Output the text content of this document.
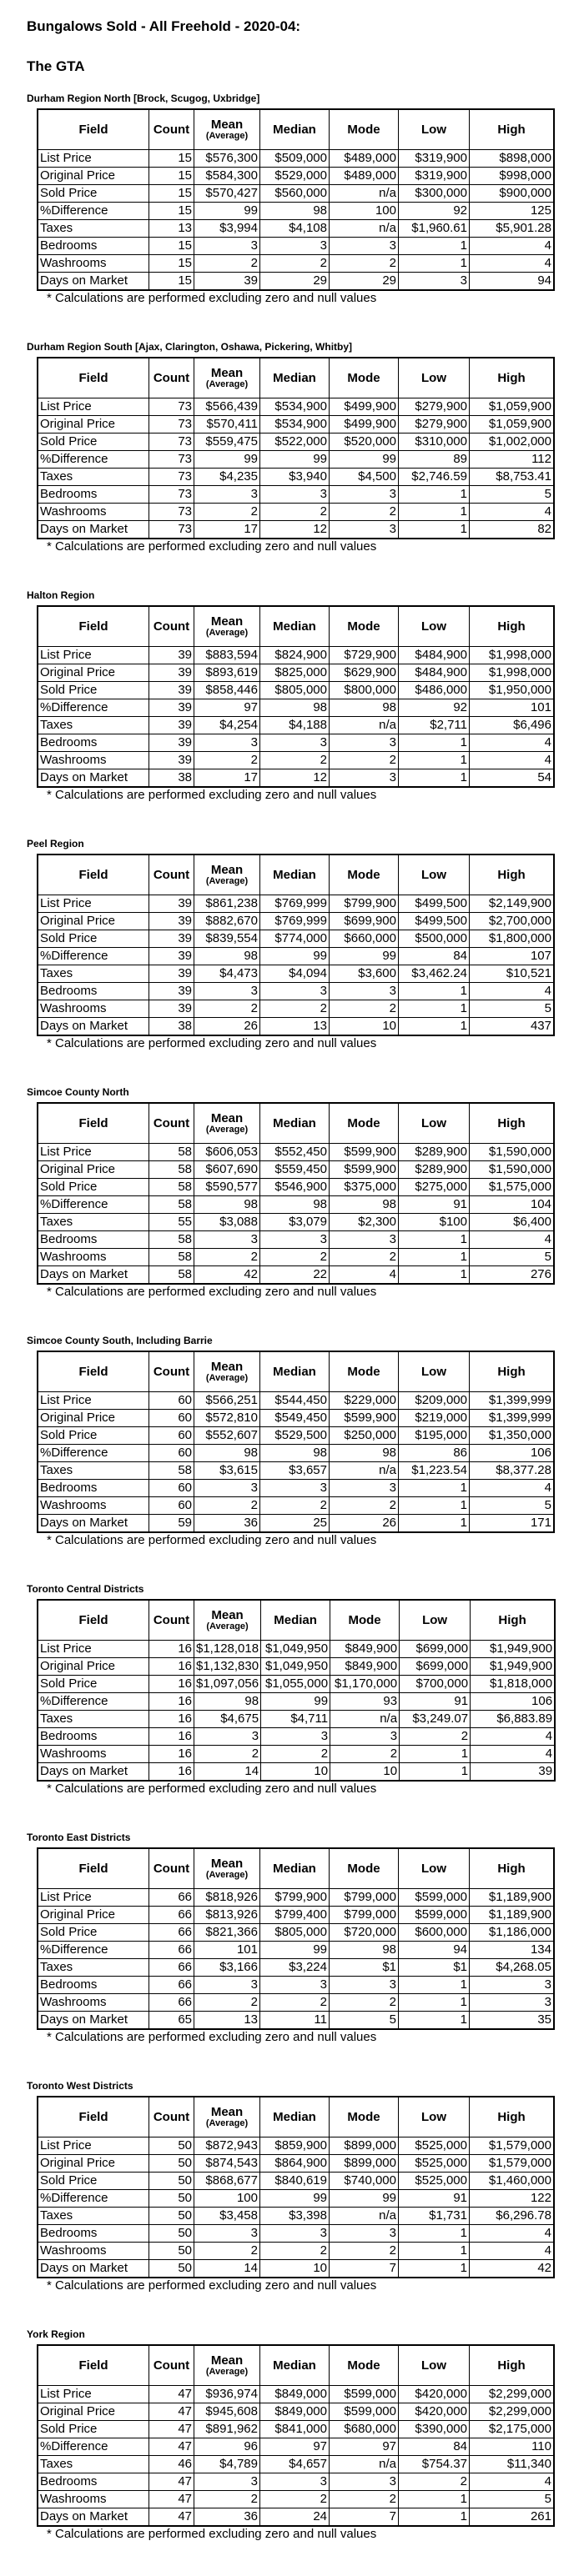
Bungalows Sold - All Freehold - 2020-04:
The GTA
Durham Region North [Brock, Scugog, Uxbridge]
Field	Count	Mean
(Average)	Median	Mode	Low	High
List Price	15	$576,300	$509,000	$489,000	$319,900	$898,000
Original Price	15	$584,300	$529,000	$489,000	$319,900	$998,000
Sold Price	15	$570,427	$560,000	n/a	$300,000	$900,000
%Difference	15	99	98	100	92	125
Taxes	13	$3,994	$4,108	n/a	$1,960.61	$5,901.28
Bedrooms	15	3	3	3	1	4
Washrooms	15	2	2	2	1	4
Days on Market	15	39	29	29	3	94
* Calculations are performed excluding zero and null values
Durham Region South [Ajax, Clarington, Oshawa, Pickering, Whitby]
Field	Count	Mean
(Average)	Median	Mode	Low	High
List Price	73	$566,439	$534,900	$499,900	$279,900	$1,059,900
Original Price	73	$570,411	$534,900	$499,900	$279,900	$1,059,900
Sold Price	73	$559,475	$522,000	$520,000	$310,000	$1,002,000
%Difference	73	99	99	99	89	112
Taxes	73	$4,235	$3,940	$4,500	$2,746.59	$8,753.41
Bedrooms	73	3	3	3	1	5
Washrooms	73	2	2	2	1	4
Days on Market	73	17	12	3	1	82
* Calculations are performed excluding zero and null values
Halton Region
Field	Count	Mean
(Average)	Median	Mode	Low	High
List Price	39	$883,594	$824,900	$729,900	$484,900	$1,998,000
Original Price	39	$893,619	$825,000	$629,900	$484,900	$1,998,000
Sold Price	39	$858,446	$805,000	$800,000	$486,000	$1,950,000
%Difference	39	97	98	98	92	101
Taxes	39	$4,254	$4,188	n/a	$2,711	$6,496
Bedrooms	39	3	3	3	1	4
Washrooms	39	2	2	2	1	4
Days on Market	38	17	12	3	1	54
* Calculations are performed excluding zero and null values
Peel Region
Field	Count	Mean
(Average)	Median	Mode	Low	High
List Price	39	$861,238	$769,999	$799,900	$499,500	$2,149,900
Original Price	39	$882,670	$769,999	$699,900	$499,500	$2,700,000
Sold Price	39	$839,554	$774,000	$660,000	$500,000	$1,800,000
%Difference	39	98	99	99	84	107
Taxes	39	$4,473	$4,094	$3,600	$3,462.24	$10,521
Bedrooms	39	3	3	3	1	4
Washrooms	39	2	2	2	1	5
Days on Market	38	26	13	10	1	437
* Calculations are performed excluding zero and null values
Simcoe County North
Field	Count	Mean
(Average)	Median	Mode	Low	High
List Price	58	$606,053	$552,450	$599,900	$289,900	$1,590,000
Original Price	58	$607,690	$559,450	$599,900	$289,900	$1,590,000
Sold Price	58	$590,577	$546,900	$375,000	$275,000	$1,575,000
%Difference	58	98	98	98	91	104
Taxes	55	$3,088	$3,079	$2,300	$100	$6,400
Bedrooms	58	3	3	3	1	4
Washrooms	58	2	2	2	1	5
Days on Market	58	42	22	4	1	276
* Calculations are performed excluding zero and null values
Simcoe County South, Including Barrie
Field	Count	Mean
(Average)	Median	Mode	Low	High
List Price	60	$566,251	$544,450	$229,000	$209,000	$1,399,999
Original Price	60	$572,810	$549,450	$599,900	$219,000	$1,399,999
Sold Price	60	$552,607	$529,500	$250,000	$195,000	$1,350,000
%Difference	60	98	98	98	86	106
Taxes	58	$3,615	$3,657	n/a	$1,223.54	$8,377.28
Bedrooms	60	3	3	3	1	4
Washrooms	60	2	2	2	1	5
Days on Market	59	36	25	26	1	171
* Calculations are performed excluding zero and null values
Toronto Central Districts
Field	Count	Mean
(Average)	Median	Mode	Low	High
List Price	16	$1,128,018	$1,049,950	$849,900	$699,000	$1,949,900
Original Price	16	$1,132,830	$1,049,950	$849,900	$699,000	$1,949,900
Sold Price	16	$1,097,056	$1,055,000	$1,170,000	$700,000	$1,818,000
%Difference	16	98	99	93	91	106
Taxes	16	$4,675	$4,711	n/a	$3,249.07	$6,883.89
Bedrooms	16	3	3	3	2	4
Washrooms	16	2	2	2	1	4
Days on Market	16	14	10	10	1	39
* Calculations are performed excluding zero and null values
Toronto East Districts
Field	Count	Mean
(Average)	Median	Mode	Low	High
List Price	66	$818,926	$799,900	$799,000	$599,000	$1,189,900
Original Price	66	$813,926	$799,400	$799,000	$599,000	$1,189,900
Sold Price	66	$821,366	$805,000	$720,000	$600,000	$1,186,000
%Difference	66	101	99	98	94	134
Taxes	66	$3,166	$3,224	$1	$1	$4,268.05
Bedrooms	66	3	3	3	1	3
Washrooms	66	2	2	2	1	3
Days on Market	65	13	11	5	1	35
* Calculations are performed excluding zero and null values
Toronto West Districts
Field	Count	Mean
(Average)	Median	Mode	Low	High
List Price	50	$872,943	$859,900	$899,000	$525,000	$1,579,000
Original Price	50	$874,543	$864,900	$899,000	$525,000	$1,579,000
Sold Price	50	$868,677	$840,619	$740,000	$525,000	$1,460,000
%Difference	50	100	99	99	91	122
Taxes	50	$3,458	$3,398	n/a	$1,731	$6,296.78
Bedrooms	50	3	3	3	1	4
Washrooms	50	2	2	2	1	4
Days on Market	50	14	10	7	1	42
* Calculations are performed excluding zero and null values
York Region
Field	Count	Mean
(Average)	Median	Mode	Low	High
List Price	47	$936,974	$849,000	$599,000	$420,000	$2,299,000
Original Price	47	$945,608	$849,000	$599,000	$420,000	$2,299,000
Sold Price	47	$891,962	$841,000	$680,000	$390,000	$2,175,000
%Difference	47	96	97	97	84	110
Taxes	46	$4,789	$4,657	n/a	$754.37	$11,340
Bedrooms	47	3	3	3	2	4
Washrooms	47	2	2	2	1	5
Days on Market	47	36	24	7	1	261
* Calculations are performed excluding zero and null values
